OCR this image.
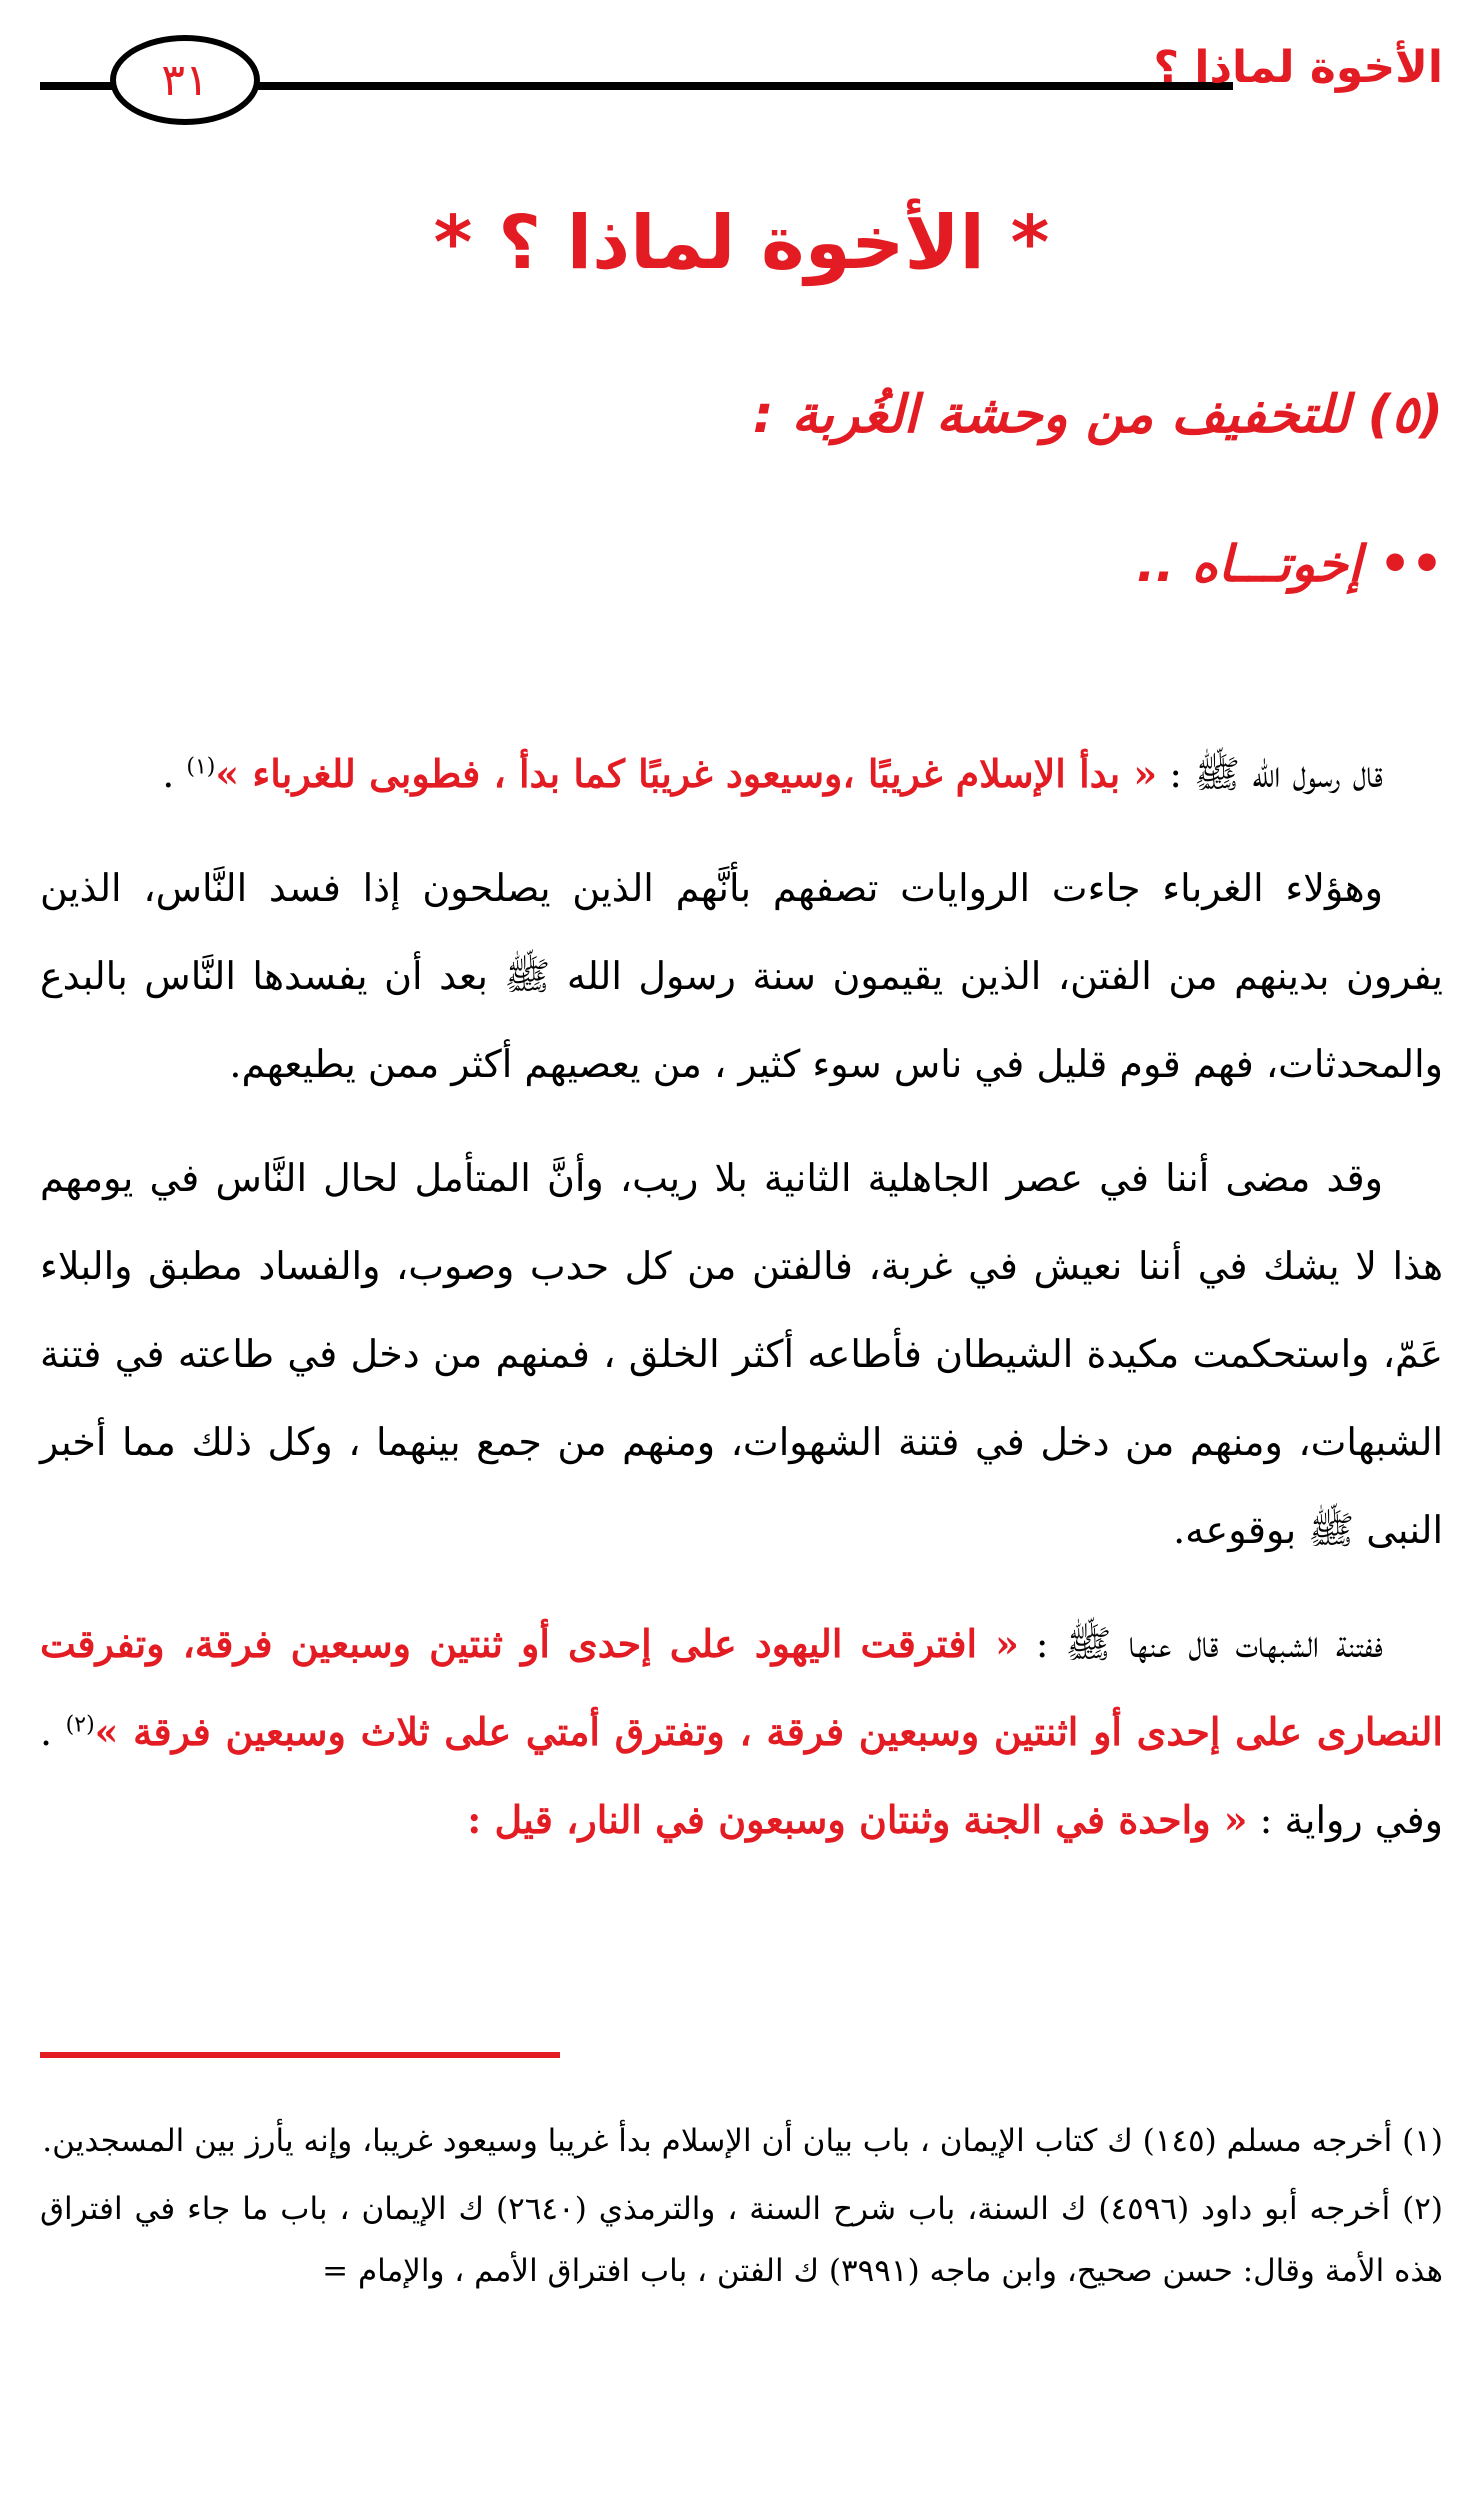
٣١	الأخوة لماذا ؟
* الأخوة لماذا ؟ *
(٥) للتخفيف من وحشة الغُربة :
•• إخوتـــاه ..

قال رسول الله ﷺ : « بدأ الإسلام غريبًا ،وسيعود غريبًا كما بدأ ، فطوبى للغرباء »$^{(١)}$ .

وهؤلاء الغرباء جاءت الروايات تصفهم بأنَّهم الذين يصلحون إذا فسد النَّاس، الذين يفرون بدينهم من الفتن، الذين يقيمون سنة رسول الله ﷺ بعد أن يفسدها النَّاس بالبدع والمحدثات، فهم قوم قليل في ناس سوء كثير ، من يعصيهم أكثر ممن يطيعهم.

وقد مضى أننا في عصر الجاهلية الثانية بلا ريب، وأنَّ المتأمل لحال النَّاس في يومهم هذا لا يشك في أننا نعيش في غربة، فالفتن من كل حدب وصوب، والفساد مطبق والبلاء عَمّ، واستحكمت مكيدة الشيطان فأطاعه أكثر الخلق ، فمنهم من دخل في طاعته في فتنة الشبهات، ومنهم من دخل في فتنة الشهوات، ومنهم من جمع بينهما ، وكل ذلك مما أخبر النبى ﷺ بوقوعه.

ففتنة الشبهات قال عنها ﷺ : « افترقت اليهود على إحدى أو ثنتين وسبعين فرقة، وتفرقت النصارى على إحدى أو اثنتين وسبعين فرقة ، وتفترق أمتي على ثلاث وسبعين فرقة »$^{(٢)}$ . وفي رواية : « واحدة في الجنة وثنتان وسبعون في النار، قيل :

(١) أخرجه مسلم (١٤٥) ك كتاب الإيمان ، باب بيان أن الإسلام بدأ غريبا وسيعود غريبا، وإنه يأرز بين المسجدين.

(٢) أخرجه أبو داود (٤٥٩٦) ك السنة، باب شرح السنة ، والترمذي (٢٦٤٠) ك الإيمان ، باب ما جاء في افتراق هذه الأمة وقال: حسن صحيح، وابن ماجه (٣٩٩١) ك الفتن ، باب افتراق الأمم ، والإمام =
